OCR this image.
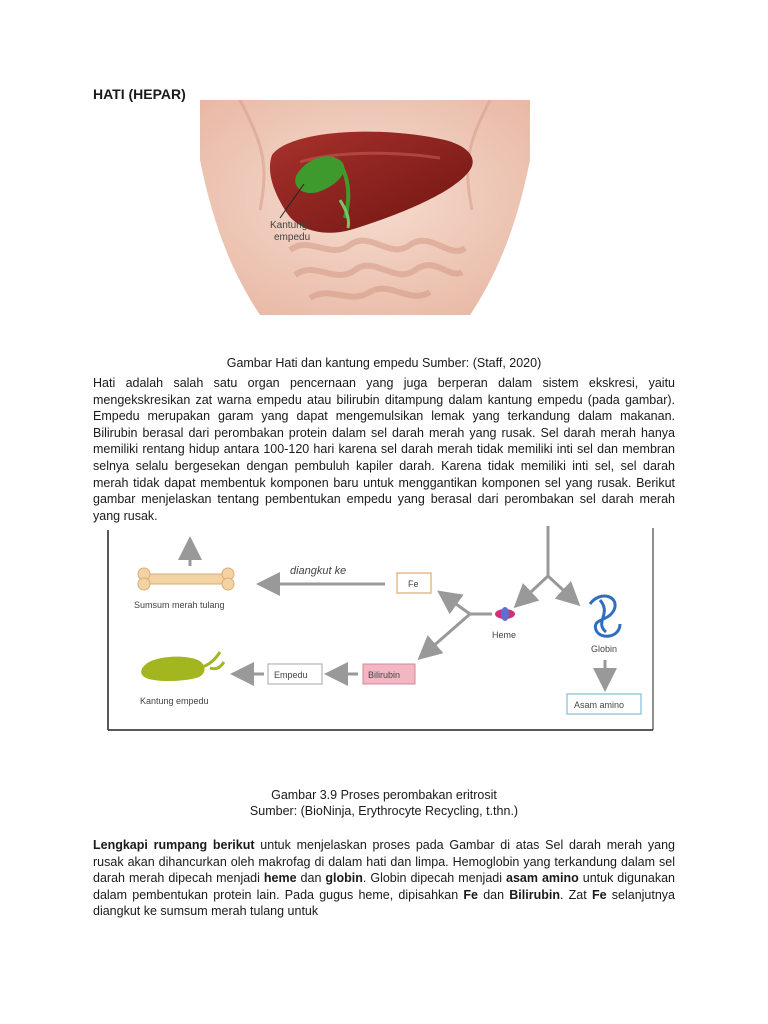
HATI (HEPAR)
Kantung
empedu
Gambar Hati dan kantung empedu Sumber: (Staff, 2020)
Hati adalah salah satu organ pencernaan yang juga berperan dalam sistem ekskresi, yaitu mengekskresikan zat warna empedu atau bilirubin ditampung dalam kantung empedu (pada gambar). Empedu merupakan garam yang dapat mengemulsikan lemak yang terkandung dalam makanan. Bilirubin berasal dari perombakan protein dalam sel darah merah yang rusak. Sel darah merah hanya memiliki rentang hidup antara 100-120 hari karena sel darah merah tidak memiliki inti sel dan membran selnya selalu bergesekan dengan pembuluh kapiler darah. Karena tidak memiliki inti sel, sel darah merah tidak dapat membentuk komponen baru untuk menggantikan komponen sel yang rusak. Berikut gambar menjelaskan tentang pembentukan empedu yang berasal dari perombakan sel darah merah yang rusak.
Sumsum merah tulang
diangkut ke
Fe
Heme
Globin
Asam amino
Bilirubin
Empedu
Kantung empedu
Gambar 3.9 Proses perombakan eritrosit
Sumber: (BioNinja, Erythrocyte Recycling, t.thn.)
Lengkapi rumpang berikut untuk menjelaskan proses pada Gambar di atas Sel darah merah yang rusak akan dihancurkan oleh makrofag di dalam hati dan limpa. Hemoglobin yang terkandung dalam sel darah merah dipecah menjadi heme dan globin. Globin dipecah menjadi asam amino untuk digunakan dalam pembentukan protein lain. Pada gugus heme, dipisahkan Fe dan Bilirubin. Zat Fe selanjutnya diangkut ke sumsum merah tulang untuk
